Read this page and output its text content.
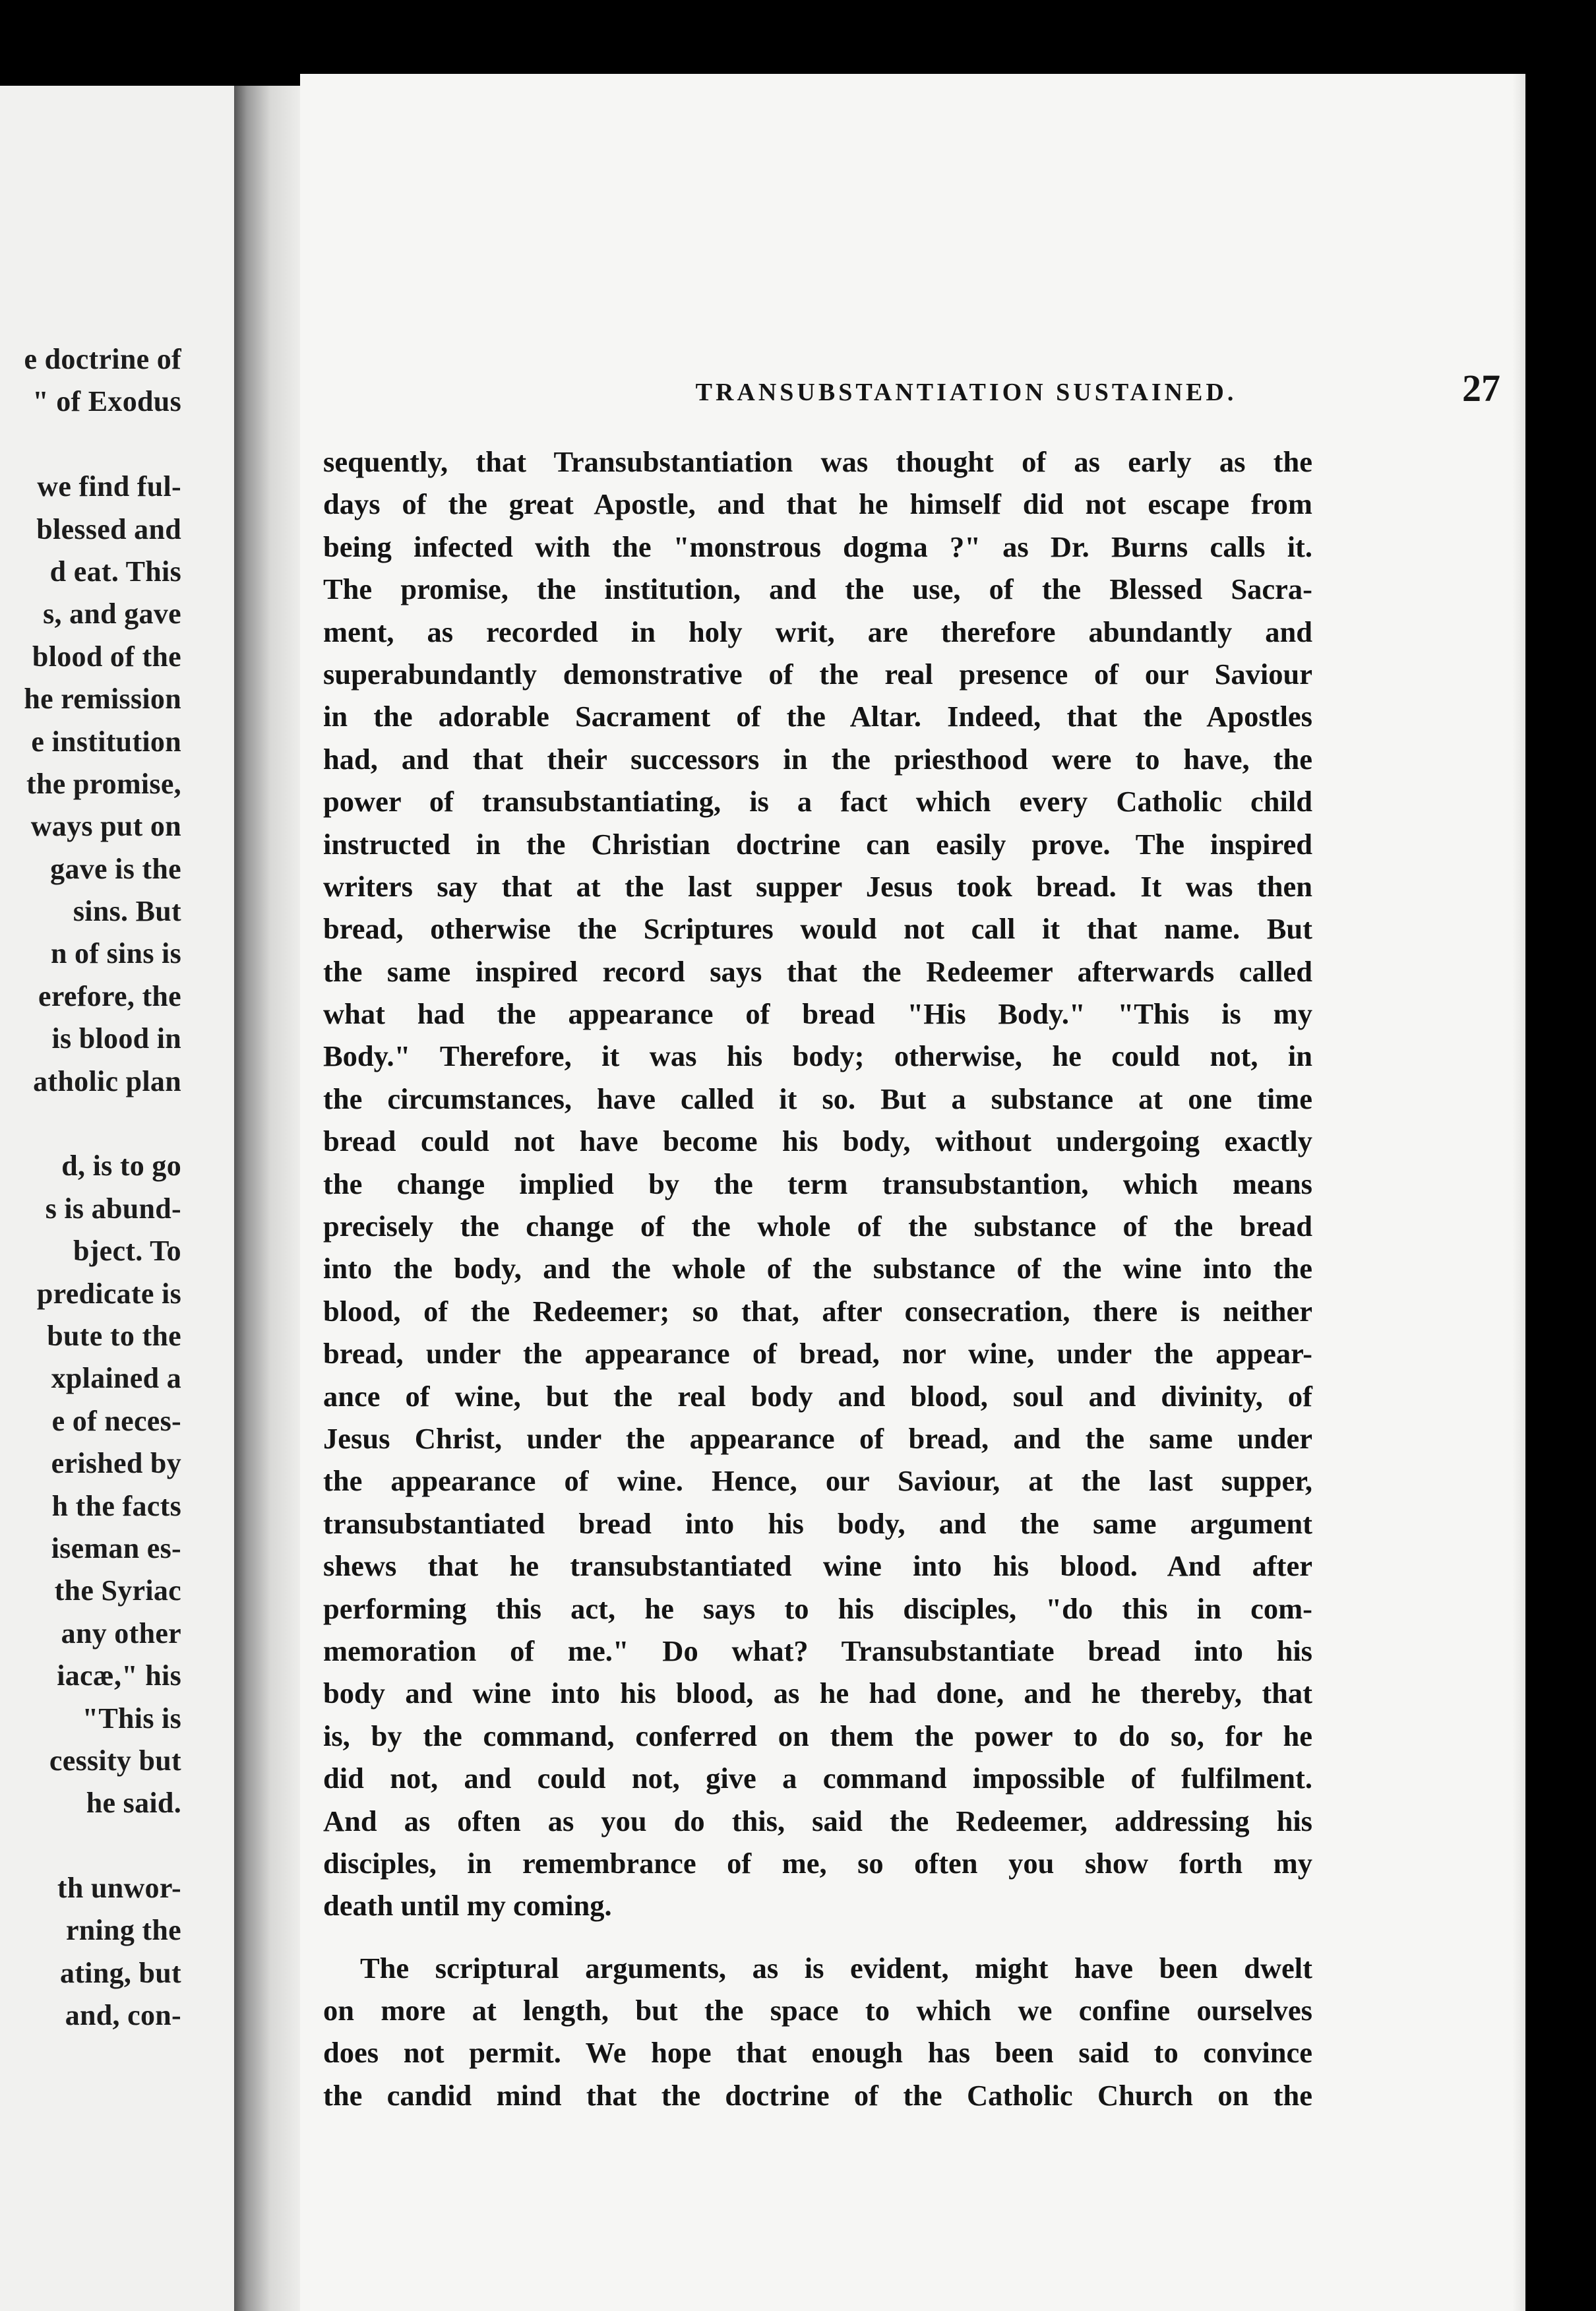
e doctrine of
" of Exodus
we find ful-
blessed and
d eat. This
s, and gave
blood of the
he remission
e institution
the promise,
ways put on
gave is the
sins. But
n of sins is
erefore, the
is blood in
atholic plan
d, is to go
s is abund-
bject. To
predicate is
bute to the
xplained a
e of neces-
erished by
h the facts
iseman es-
the Syriac
any other
iacæ," his
"This is
cessity but
he said.
th unwor-
rning the
ating, but
and, con-
TRANSUBSTANTIATION SUSTAINED.	27
sequently, that Transubstantiation was thought of as early as the
days of the great Apostle, and that he himself did not escape from
being infected with the "monstrous dogma ?" as Dr. Burns calls it.
The promise, the institution, and the use, of the Blessed Sacra-
ment, as recorded in holy writ, are therefore abundantly and
superabundantly demonstrative of the real presence of our Saviour
in the adorable Sacrament of the Altar. Indeed, that the Apostles
had, and that their successors in the priesthood were to have, the
power of transubstantiating, is a fact which every Catholic child
instructed in the Christian doctrine can easily prove. The inspired
writers say that at the last supper Jesus took bread. It was then
bread, otherwise the Scriptures would not call it that name. But
the same inspired record says that the Redeemer afterwards called
what had the appearance of bread "His Body." "This is my
Body." Therefore, it was his body; otherwise, he could not, in
the circumstances, have called it so. But a substance at one time
bread could not have become his body, without undergoing exactly
the change implied by the term transubstantion, which means
precisely the change of the whole of the substance of the bread
into the body, and the whole of the substance of the wine into the
blood, of the Redeemer; so that, after consecration, there is neither
bread, under the appearance of bread, nor wine, under the appear-
ance of wine, but the real body and blood, soul and divinity, of
Jesus Christ, under the appearance of bread, and the same under
the appearance of wine. Hence, our Saviour, at the last supper,
transubstantiated bread into his body, and the same argument
shews that he transubstantiated wine into his blood. And after
performing this act, he says to his disciples, "do this in com-
memoration of me." Do what? Transubstantiate bread into his
body and wine into his blood, as he had done, and he thereby, that
is, by the command, conferred on them the power to do so, for he
did not, and could not, give a command impossible of fulfilment.
And as often as you do this, said the Redeemer, addressing his
disciples, in remembrance of me, so often you show forth my
death until my coming.
The scriptural arguments, as is evident, might have been dwelt
on more at length, but the space to which we confine ourselves
does not permit. We hope that enough has been said to convince
the candid mind that the doctrine of the Catholic Church on the
